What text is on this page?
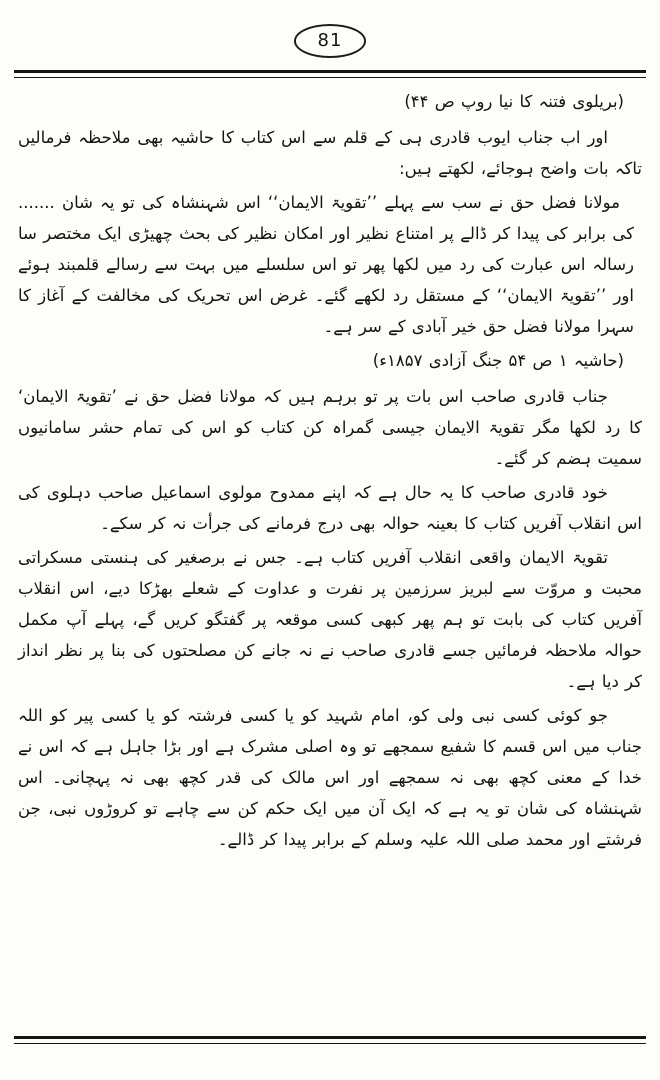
81

(بریلوی فتنہ کا نیا روپ ص ۴۴)

اور اب جناب ایوب قادری ہی کے قلم سے اس کتاب کا حاشیہ بھی ملاحظہ فرمالیں تاکہ بات واضح ہوجائے، لکھتے ہیں:

مولانا فضل حق نے سب سے پہلے ’’تقویۃ الایمان‘‘ اس شہنشاہ کی تو یہ شان ....... کی برابر کی پیدا کر ڈالے پر امتناع نظیر اور امکان نظیر کی بحث چھیڑی ایک مختصر سا رسالہ اس عبارت کی رد میں لکھا پھر تو اس سلسلے میں بہت سے رسالے قلمبند ہوئے اور ’’تقویۃ الایمان‘‘ کے مستقل رد لکھے گئے۔ غرض اس تحریک کی مخالفت کے آغاز کا سہرا مولانا فضل حق خیر آبادی کے سر ہے۔

(حاشیہ ۱ ص ۵۴ جنگ آزادی ۱۸۵۷ء)

جناب قادری صاحب اس بات پر تو برہم ہیں کہ مولانا فضل حق نے ’تقویۃ الایمان‘ کا رد لکھا مگر تقویۃ الایمان جیسی گمراہ کن کتاب کو اس کی تمام حشر سامانیوں سمیت ہضم کر گئے۔

خود قادری صاحب کا یہ حال ہے کہ اپنے ممدوح مولوی اسماعیل صاحب دہلوی کی اس انقلاب آفریں کتاب کا بعینہ حوالہ بھی درج فرمانے کی جرأت نہ کر سکے۔

تقویۃ الایمان واقعی انقلاب آفریں کتاب ہے۔ جس نے برصغیر کی ہنستی مسکراتی محبت و مروّت سے لبریز سرزمین پر نفرت و عداوت کے شعلے بھڑکا دیے، اس انقلاب آفریں کتاب کی بابت تو ہم پھر کبھی کسی موقعہ پر گفتگو کریں گے، پہلے آپ مکمل حوالہ ملاحظہ فرمائیں جسے قادری صاحب نے نہ جانے کن مصلحتوں کی بنا پر نظر انداز کر دیا ہے۔

جو کوئی کسی نبی ولی کو، امام شہید کو یا کسی فرشتہ کو یا کسی پیر کو اللہ جناب میں اس قسم کا شفیع سمجھے تو وہ اصلی مشرک ہے اور بڑا جاہل ہے کہ اس نے خدا کے معنی کچھ بھی نہ سمجھے اور اس مالک کی قدر کچھ بھی نہ پہچانی۔ اس شہنشاہ کی شان تو یہ ہے کہ ایک آن میں ایک حکم کن سے چاہے تو کروڑوں نبی، جن فرشتے اور محمد صلی اللہ علیہ وسلم کے برابر پیدا کر ڈالے۔
